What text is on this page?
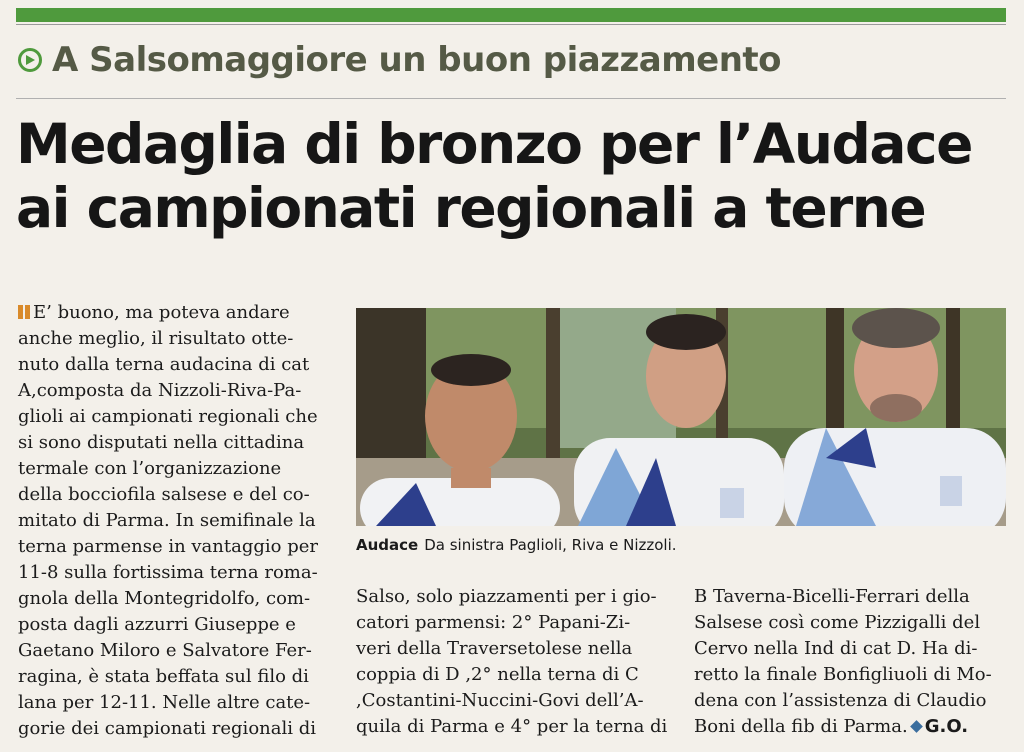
A Salsomaggiore un buon piazzamento
Medaglia di bronzo per l’Audace
ai campionati regionali a terne
E’ buono, ma poteva andare
anche meglio, il risultato otte-
nuto dalla terna audacina di cat
A,composta da Nizzoli-Riva-Pa-
glioli ai campionati regionali che
si sono disputati nella cittadina
termale con l’organizzazione
della bocciofila salsese e del co-
mitato di Parma. In semifinale la
terna parmense in vantaggio per
11-8 sulla fortissima terna roma-
gnola della Montegridolfo, com-
posta dagli azzurri Giuseppe e
Gaetano Miloro e Salvatore Fer-
ragina, è stata beffata sul filo di
lana per 12-11. Nelle altre cate-
gorie dei campionati regionali di
Audace Da sinistra Paglioli, Riva e Nizzoli.
Salso, solo piazzamenti per i gio-
catori parmensi: 2° Papani-Zi-
veri della Traversetolese nella
coppia di D ,2° nella terna di C
,Costantini-Nuccini-Govi dell’A-
quila di Parma e 4° per la terna di
B Taverna-Bicelli-Ferrari della
Salsese così come Pizzigalli del
Cervo nella Ind di cat D. Ha di-
retto la finale Bonfigliuoli di Mo-
dena con l’assistenza di Claudio
Boni della fib di Parma. G.O.
